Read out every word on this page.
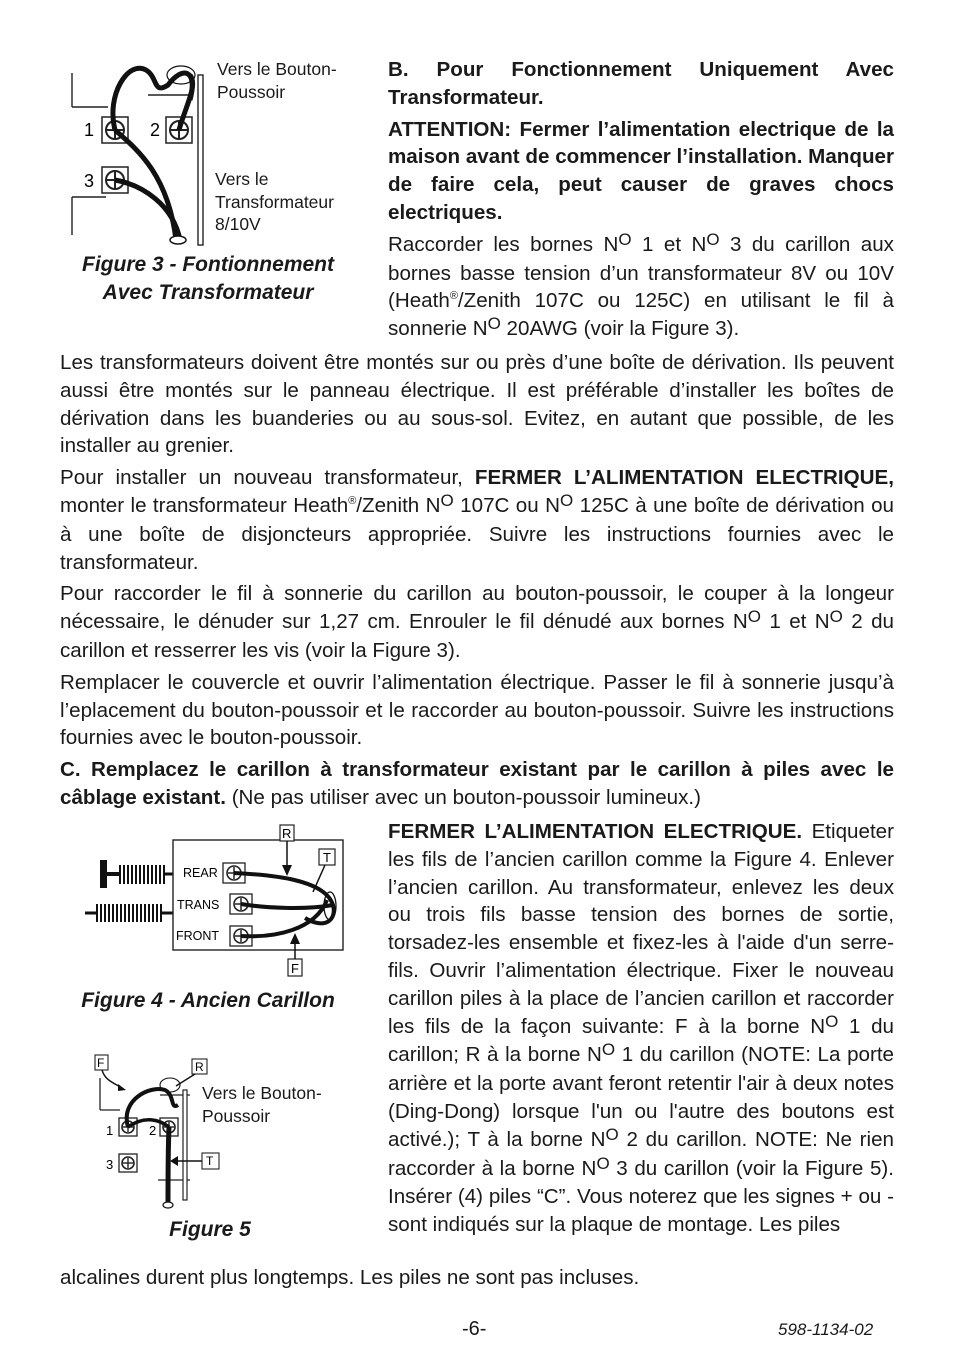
1	2
3
Vers le Bouton-
Poussoir
Vers le
Transformateur
8/10V
Figure 3 - Fontionnement
Avec Transformateur

B. Pour Fonctionnement Uniquement Avec Transformateur.

ATTENTION: Fermer l’alimentation electrique de la maison avant de commencer l’installation. Manquer de faire cela, peut causer de graves chocs electriques.

Raccorder les bornes $N^O$ 1 et $N^O$ 3 du carillon aux bornes basse tension d’un transformateur 8V ou 10V (Heath®/Zenith 107C ou 125C) en utilisant le fil à sonnerie $N^O$ 20AWG (voir la Figure 3).

Les transformateurs doivent être montés sur ou près d’une boîte de dérivation. Ils peuvent aussi être montés sur le panneau électrique. Il est préférable d’installer les boîtes de dérivation dans les buanderies ou au sous-sol. Evitez, en autant que possible, de les installer au grenier.

Pour installer un nouveau transformateur, FERMER L’ALIMENTATION ELECTRIQUE, monter le transformateur Heath®/Zenith $N^O$ 107C ou $N^O$ 125C à une boîte de dérivation ou à une boîte de disjoncteurs appropriée. Suivre les instructions fournies avec le transformateur.

Pour raccorder le fil à sonnerie du carillon au bouton-poussoir, le couper à la longeur nécessaire, le dénuder sur 1,27 cm. Enrouler le fil dénudé aux bornes $N^O$ 1 et $N^O$ 2 du carillon et resserrer les vis (voir la Figure 3).

Remplacer le couvercle et ouvrir l’alimentation électrique. Passer le fil à sonnerie jusqu’à l’eplacement du bouton-poussoir et le raccorder au bouton-poussoir. Suivre les instructions fournies avec le bouton-poussoir.

C. Remplacez le carillon à transformateur existant par le carillon à piles avec le câblage existant. (Ne pas utiliser avec un bouton-poussoir lumineux.)

REAR
TRANS
FRONT
R
T
F
Figure 4 - Ancien Carillon
F	R
T
1	2
3
Vers le Bouton-
Poussoir
Figure 5

FERMER L’ALIMENTATION ELECTRIQUE. Etiqueter les fils de l’ancien carillon comme la Figure 4. Enlever l’ancien carillon. Au transformateur, enlevez les deux ou trois fils basse tension des bornes de sortie, torsadez-les ensemble et fixez-les à l'aide d'un serre-fils. Ouvrir l’alimentation électrique. Fixer le nouveau carillon piles à la place de l’ancien carillon et raccorder les fils de la façon suivante: F à la borne $N^O$ 1 du carillon; R à la borne $N^O$ 1 du carillon (NOTE: La porte arrière et la porte avant feront retentir l'air à deux notes (Ding-Dong) lorsque l'un ou l'autre des boutons est activé.); T à la borne $N^O$ 2 du carillon. NOTE: Ne rien raccorder à la borne $N^O$ 3 du carillon (voir la Figure 5). Insérer (4) piles “C”. Vous noterez que les signes + ou - sont indiqués sur la plaque de montage. Les piles

alcalines durent plus longtemps. Les piles ne sont pas incluses.
-6-	598-1134-02
